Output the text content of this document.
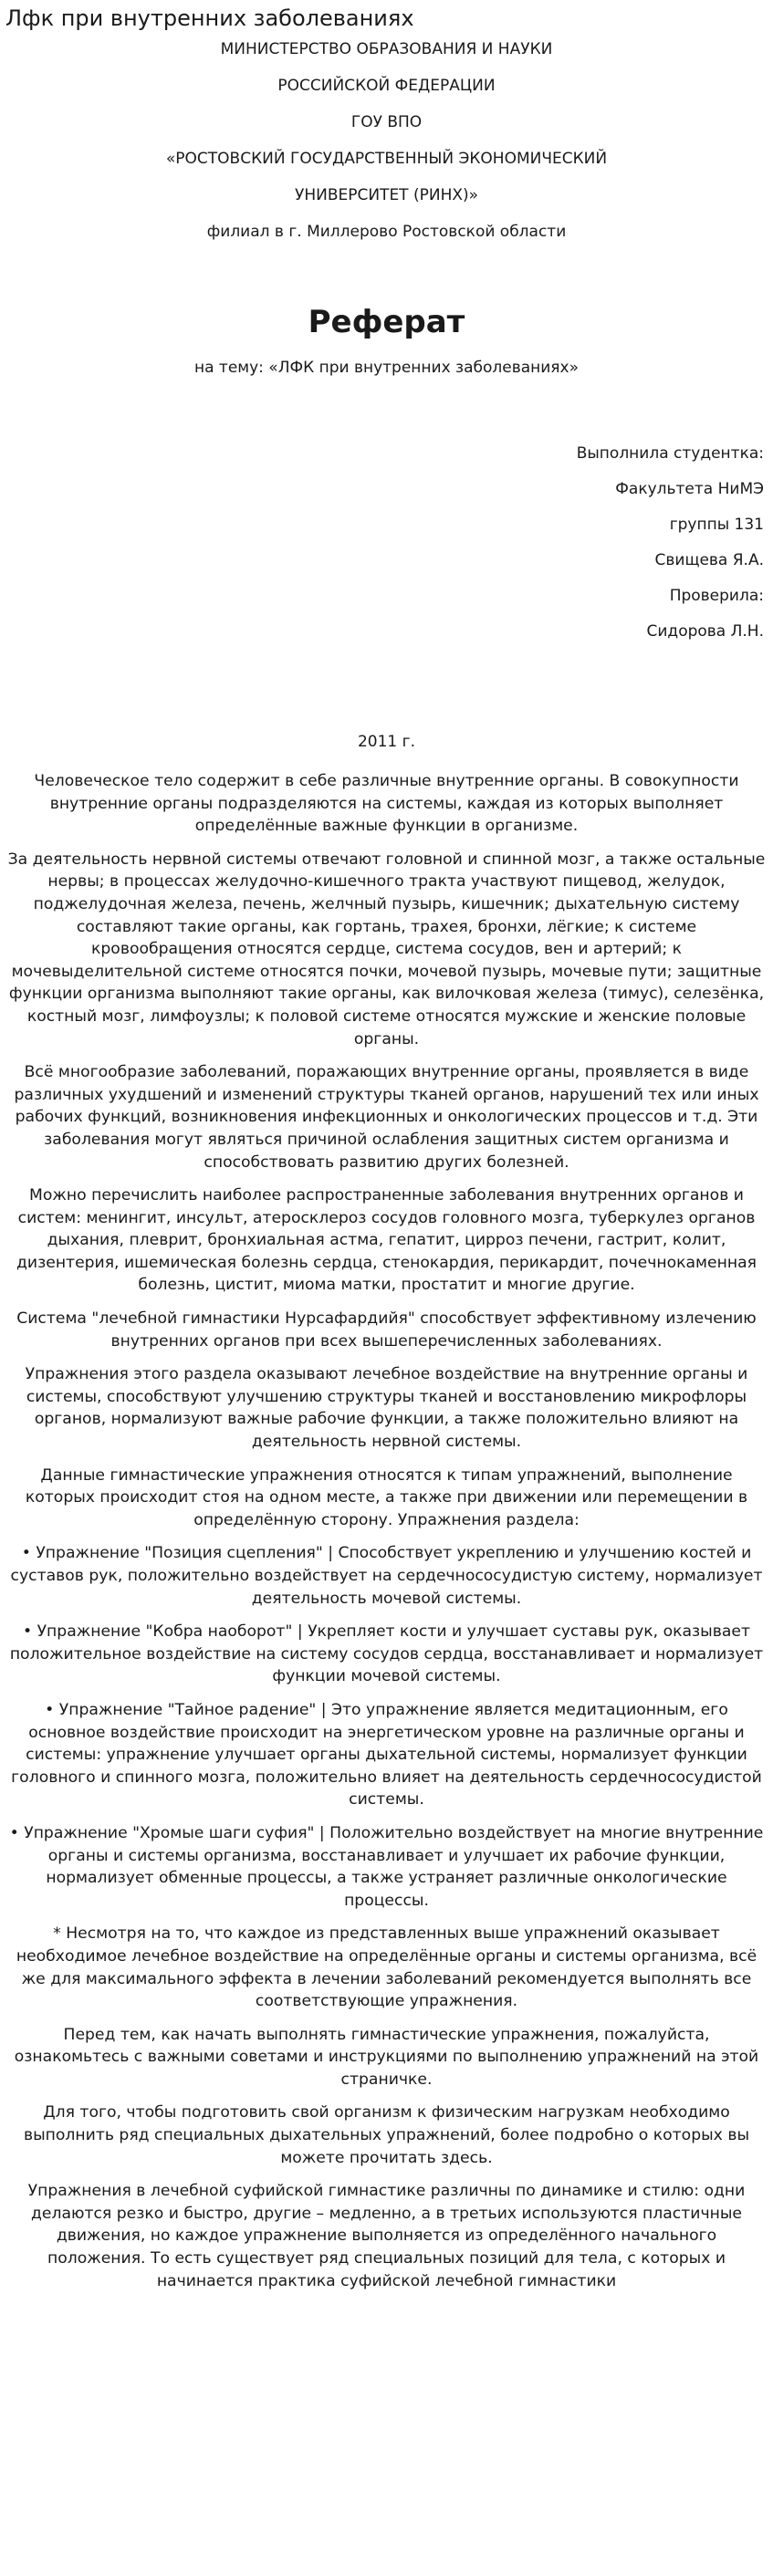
Лфк при внутренних заболеваниях
МИНИСТЕРСТВО ОБРАЗОВАНИЯ И НАУКИ
РОССИЙСКОЙ ФЕДЕРАЦИИ
ГОУ ВПО
«РОСТОВСКИЙ ГОСУДАРСТВЕННЫЙ ЭКОНОМИЧЕСКИЙ
УНИВЕРСИТЕТ (РИНХ)»
филиал в г. Миллерово Ростовской области
Реферат
на тему: «ЛФК при внутренних заболеваниях»
Выполнила студентка:
Факультета НиМЭ
группы 131
Свищева Я.А.
Проверила:
Сидорова Л.Н.
2011 г.

Человеческое тело содержит в себе различные внутренние органы. В совокупности внутренние органы подразделяются на системы, каждая из которых выполняет определённые важные функции в организме.

За деятельность нервной системы отвечают головной и спинной мозг, а также остальные нервы; в процессах желудочно-кишечного тракта участвуют пищевод, желудок, поджелудочная железа, печень, желчный пузырь, кишечник; дыхательную систему составляют такие органы, как гортань, трахея, бронхи, лёгкие; к системе кровообращения относятся сердце, система сосудов, вен и артерий; к мочевыделительной системе относятся почки, мочевой пузырь, мочевые пути; защитные функции организма выполняют такие органы, как вилочковая железа (тимус), селезёнка, костный мозг, лимфоузлы; к половой системе относятся мужские и женские половые органы.

Всё многообразие заболеваний, поражающих внутренние органы, проявляется в виде различных ухудшений и изменений структуры тканей органов, нарушений тех или иных рабочих функций, возникновения инфекционных и онкологических процессов и т.д. Эти заболевания могут являться причиной ослабления защитных систем организма и способствовать развитию других болезней.

Можно перечислить наиболее распространенные заболевания внутренних органов и систем: менингит, инсульт, атеросклероз сосудов головного мозга, туберкулез органов дыхания, плеврит, бронхиальная астма, гепатит, цирроз печени, гастрит, колит, дизентерия, ишемическая болезнь сердца, стенокардия, перикардит, почечнокаменная болезнь, цистит, миома матки, простатит и многие другие.

Система "лечебной гимнастики Нурсафардийя" способствует эффективному излечению внутренних органов при всех вышеперечисленных заболеваниях.

Упражнения этого раздела оказывают лечебное воздействие на внутренние органы и системы, способствуют улучшению структуры тканей и восстановлению микрофлоры органов, нормализуют важные рабочие функции, а также положительно влияют на деятельность нервной системы.

Данные гимнастические упражнения относятся к типам упражнений, выполнение которых происходит стоя на одном месте, а также при движении или перемещении в определённую сторону. Упражнения раздела:

• Упражнение "Позиция сцепления" | Способствует укреплению и улучшению костей и суставов рук, положительно воздействует на сердечнососудистую систему, нормализует деятельность мочевой системы.

• Упражнение "Кобра наоборот" | Укрепляет кости и улучшает суставы рук, оказывает положительное воздействие на систему сосудов сердца, восстанавливает и нормализует функции мочевой системы.

• Упражнение "Тайное радение" | Это упражнение является медитационным, его основное воздействие происходит на энергетическом уровне на различные органы и системы: упражнение улучшает органы дыхательной системы, нормализует функции головного и спинного мозга, положительно влияет на деятельность сердечнососудистой системы.

• Упражнение "Хромые шаги суфия" | Положительно воздействует на многие внутренние органы и системы организма, восстанавливает и улучшает их рабочие функции, нормализует обменные процессы, а также устраняет различные онкологические процессы.

* Несмотря на то, что каждое из представленных выше упражнений оказывает необходимое лечебное воздействие на определённые органы и системы организма, всё же для максимального эффекта в лечении заболеваний рекомендуется выполнять все соответствующие упражнения.

Перед тем, как начать выполнять гимнастические упражнения, пожалуйста, ознакомьтесь с важными советами и инструкциями по выполнению упражнений на этой страничке.

Для того, чтобы подготовить свой организм к физическим нагрузкам необходимо выполнить ряд специальных дыхательных упражнений, более подробно о которых вы можете прочитать здесь.

Упражнения в лечебной суфийской гимнастике различны по динамике и стилю: одни делаются резко и быстро, другие – медленно, а в третьих используются пластичные движения, но каждое упражнение выполняется из определённого начального положения. То есть существует ряд специальных позиций для тела, с которых и начинается практика суфийской лечебной гимнастики
